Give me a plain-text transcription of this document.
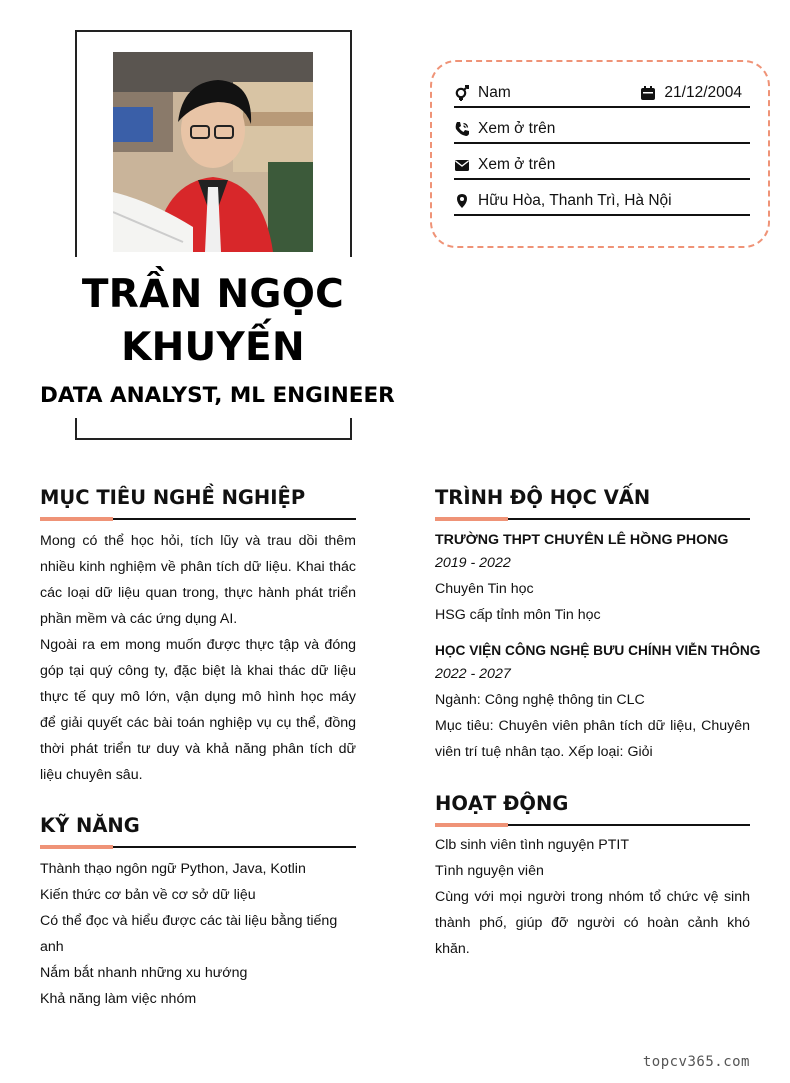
TRẦN NGỌC KHUYẾN
DATA ANALYST, ML ENGINEER
Nam	21/12/2004
Xem ở trên
Xem ở trên
Hữu Hòa, Thanh Trì, Hà Nội
MỤC TIÊU NGHỀ NGHIỆP

Mong có thể học hỏi, tích lũy và trau dồi thêm nhiều kinh nghiệm về phân tích dữ liệu. Khai thác các loại dữ liệu quan trong, thực hành phát triển phần mềm và các ứng dụng AI.

Ngoài ra em mong muốn được thực tập và đóng góp tại quý công ty, đặc biệt là khai thác dữ liệu thực tế quy mô lớn, vận dụng mô hình học máy để giải quyết các bài toán nghiệp vụ cụ thể, đồng thời phát triển tư duy và khả năng phân tích dữ liệu chuyên sâu.

KỸ NĂNG
Thành thạo ngôn ngữ Python, Java, Kotlin
Kiến thức cơ bản về cơ sở dữ liệu
Có thể đọc và hiểu được các tài liệu bằng tiếng anh
Nắm bắt nhanh những xu hướng
Khả năng làm việc nhóm
TRÌNH ĐỘ HỌC VẤN
TRƯỜNG THPT CHUYÊN LÊ HỒNG PHONG
2019 - 2022
Chuyên Tin học
HSG cấp tỉnh môn Tin học
HỌC VIỆN CÔNG NGHỆ BƯU CHÍNH VIỄN THÔNG
2022 - 2027
Ngành: Công nghệ thông tin CLC
Mục tiêu: Chuyên viên phân tích dữ liệu, Chuyên viên trí tuệ nhân tạo. Xếp loại: Giỏi
HOẠT ĐỘNG
Clb sinh viên tình nguyện PTIT
Tình nguyện viên
Cùng với mọi người trong nhóm tổ chức vệ sinh thành phố, giúp đỡ người có hoàn cảnh khó khăn.
topcv365.com
